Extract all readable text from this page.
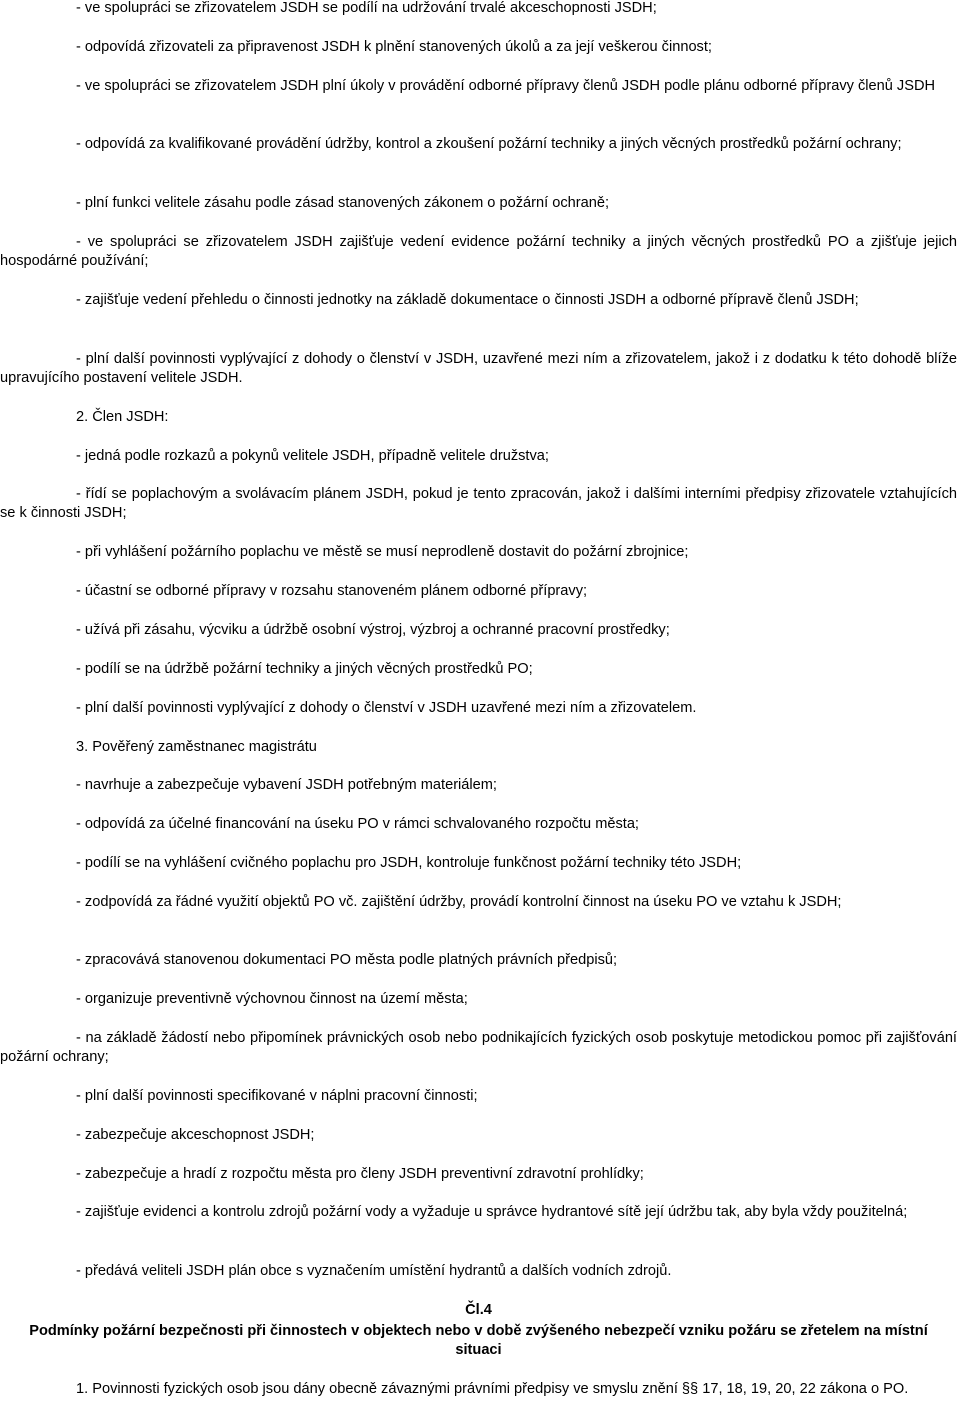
- ve spolupráci se zřizovatelem JSDH se podílí na udržování trvalé akceschopnosti JSDH;

- odpovídá zřizovateli za připravenost JSDH k plnění stanovených úkolů a za její veškerou činnost;

- ve spolupráci se zřizovatelem JSDH plní úkoly v provádění odborné přípravy členů JSDH podle plánu odborné přípravy členů JSDH

- odpovídá za kvalifikované provádění údržby, kontrol a zkoušení požární techniky a jiných věcných prostředků požární ochrany;

- plní funkci velitele zásahu podle zásad stanovených zákonem o požární ochraně;

- ve spolupráci se zřizovatelem JSDH zajišťuje vedení evidence požární techniky a jiných věcných prostředků PO a zjišťuje jejich hospodárné používání;

- zajišťuje vedení přehledu o činnosti jednotky na základě dokumentace o činnosti JSDH a odborné přípravě členů JSDH;

- plní další povinnosti vyplývající z dohody o členství v JSDH, uzavřené mezi ním a zřizovatelem, jakož i z dodatku k této dohodě blíže upravujícího postavení velitele JSDH.

2. Člen JSDH:

- jedná podle rozkazů a pokynů velitele JSDH, případně velitele družstva;

- řídí se poplachovým a svolávacím plánem JSDH, pokud je tento zpracován, jakož i dalšími interními předpisy zřizovatele vztahujících se k činnosti JSDH;

- při vyhlášení požárního poplachu ve městě se musí neprodleně dostavit do požární zbrojnice;

- účastní se odborné přípravy v rozsahu stanoveném plánem odborné přípravy;

- užívá při zásahu, výcviku a údržbě osobní výstroj, výzbroj a ochranné pracovní prostředky;

- podílí se na údržbě požární techniky a jiných věcných prostředků PO;

- plní další povinnosti vyplývající z dohody o členství v JSDH uzavřené mezi ním a zřizovatelem.

3. Pověřený zaměstnanec magistrátu

- navrhuje a zabezpečuje vybavení JSDH potřebným materiálem;

- odpovídá za účelné financování na úseku PO v rámci schvalovaného rozpočtu města;

- podílí se na vyhlášení cvičného poplachu pro JSDH, kontroluje funkčnost požární techniky této JSDH;

- zodpovídá za řádné využití objektů PO vč. zajištění údržby, provádí kontrolní činnost na úseku PO ve vztahu k JSDH;

- zpracovává stanovenou dokumentaci PO města podle platných právních předpisů;

- organizuje preventivně výchovnou činnost na území města;

- na základě žádostí nebo připomínek právnických osob nebo podnikajících fyzických osob poskytuje metodickou pomoc při zajišťování požární ochrany;

- plní další povinnosti specifikované v náplni pracovní činnosti;

- zabezpečuje akceschopnost JSDH;

- zabezpečuje a hradí z rozpočtu města pro členy JSDH preventivní zdravotní prohlídky;

- zajišťuje evidenci a kontrolu zdrojů požární vody a vyžaduje u správce hydrantové sítě její údržbu tak, aby byla vždy použitelná;

- předává veliteli JSDH plán obce s vyznačením umístění hydrantů a dalších vodních zdrojů.

Čl.4

Podmínky požární bezpečnosti při činnostech v objektech nebo v době zvýšeného nebezpečí vzniku požáru se zřetelem na místní situaci

1. Povinnosti fyzických osob jsou dány obecně závaznými právními předpisy ve smyslu znění §§ 17, 18, 19, 20, 22 zákona o PO.
